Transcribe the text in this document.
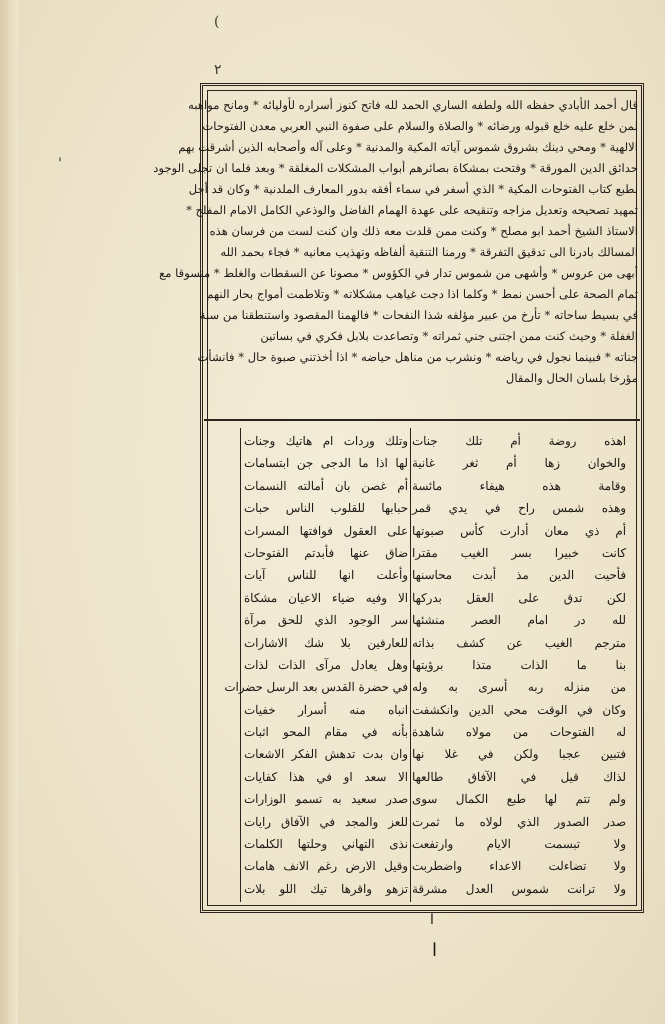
(
'
٢
قال أحمد الأبادي حفظه الله ولطفه الساري الحمد لله فاتح كنوز أسراره لأوليائه * ومانح مواهبه
لمن خلع عليه خلع قبوله ورضائه * والصلاة والسلام على صفوة النبي العربي معدن الفتوحات
الالهية * ومحي دينك بشروق شموس آياته المكية والمدنية * وعلى آله وأصحابه الذين أشرقت بهم
حدائق الدين المورقة * وفتحت بمشكاة بصائرهم أبواب المشكلات المغلقة * وبعد فلما ان تجلى الوجود
بطبع كتاب الفتوحات المكية * الذي أسفر في سماء أفقه بدور المعارف الملدنية * وكان قد أجل
تمهيد تصحيحه وتعديل مزاجه وتنقيحه على عهدة الهمام الفاضل والوذعي الكامل الامام المفلح *
الاستاذ الشيخ أحمد ابو مصلح * وكنت ممن قلدت معه ذلك وان كنت لست من فرسان هذه
المسالك بادرنا الى تدقيق التفرقة * ورمنا التنقية ألفاظه وتهذيب معانيه * فجاء بحمد الله
أبهى من عروس * وأشهى من شموس تدار في الكؤوس * مصونا عن السقطات والغلط * منسوقا مع
تمام الصحة على أحسن نمط * وكلما اذا دجت غياهب مشكلاته * وتلاطمت أمواج بحار النهم
في بسيط ساحاته * تأرخ من عبير مؤلفه شذا النفحات * فالهمنا المقصود واستنطقنا من سنة
الغفلة * وحيث كنت ممن اجتنى جني ثمراته * وتصاعدت بلابل فكري في بساتين
جناته * فبينما نجول في رياضه * ونشرب من مناهل حياضه * اذا أخذتني صبوة حال * فانشأت
مؤرخا بلسان الحال والمقال
اهذه روضة أم تلك جنات
والخوان زها أم ثغر غانية
وقامة هذه هيفاء مائسة
وهذه شمس راح في يدي قمر
أم ذي معان أدارت كأس صبوتها
كانت خبيرا بسر الغيب مقترا
فأحيت الدين مذ أبدت محاسنها
لكن تدق على العقل بدركها
لله در امام العصر منشئها
مترجم الغيب عن كشف بذاته
بنا ما الذات متذا برؤيتها
من منزله ربه أسرى به وله
وكان في الوقت محي الدين وانكشفت
له الفتوحات من مولاه شاهدة
فتبين عجبا ولكن في غلا نها
لذاك قيل في الآفاق طالعها
ولم تتم لها طبع الكمال سوى
صدر الصدور الذي لولاه ما ثمرت
ولا تبسمت الايام وارتفعت
ولا تضاءلت الاعداء واضطربت
ولا ترانت شموس العدل مشرقة
وتلك وردات ام هاتيك وجنات
لها اذا ما الدجى جن ابتسامات
أم غصن بان أمالته النسمات
حبابها للقلوب الناس حبات
على العقول فوافتها المسرات
ضاق عنها فأبدتم الفتوحات
وأعلت انها للناس آيات
الا وفيه ضياء الاعيان مشكاة
سر الوجود الذي للحق مرآة
للعارفين بلا شك الاشارات
وهل يعادل مرآى الذات لذات
في حضرة القدس بعد الرسل حضرات
انباه منه أسرار خفيات
بأنه في مقام المحو اثبات
وان بدت تدهش الفكر الاشعات
الا سعد او في هذا كفايات
صدر سعيد به تسمو الوزارات
للعز والمجد في الآفاق رايات
نذى التهاني وحلتها الكلمات
وقيل الارض رغم الانف هامات
تزهو واقرها تيك اللو بلات
ا
ا
